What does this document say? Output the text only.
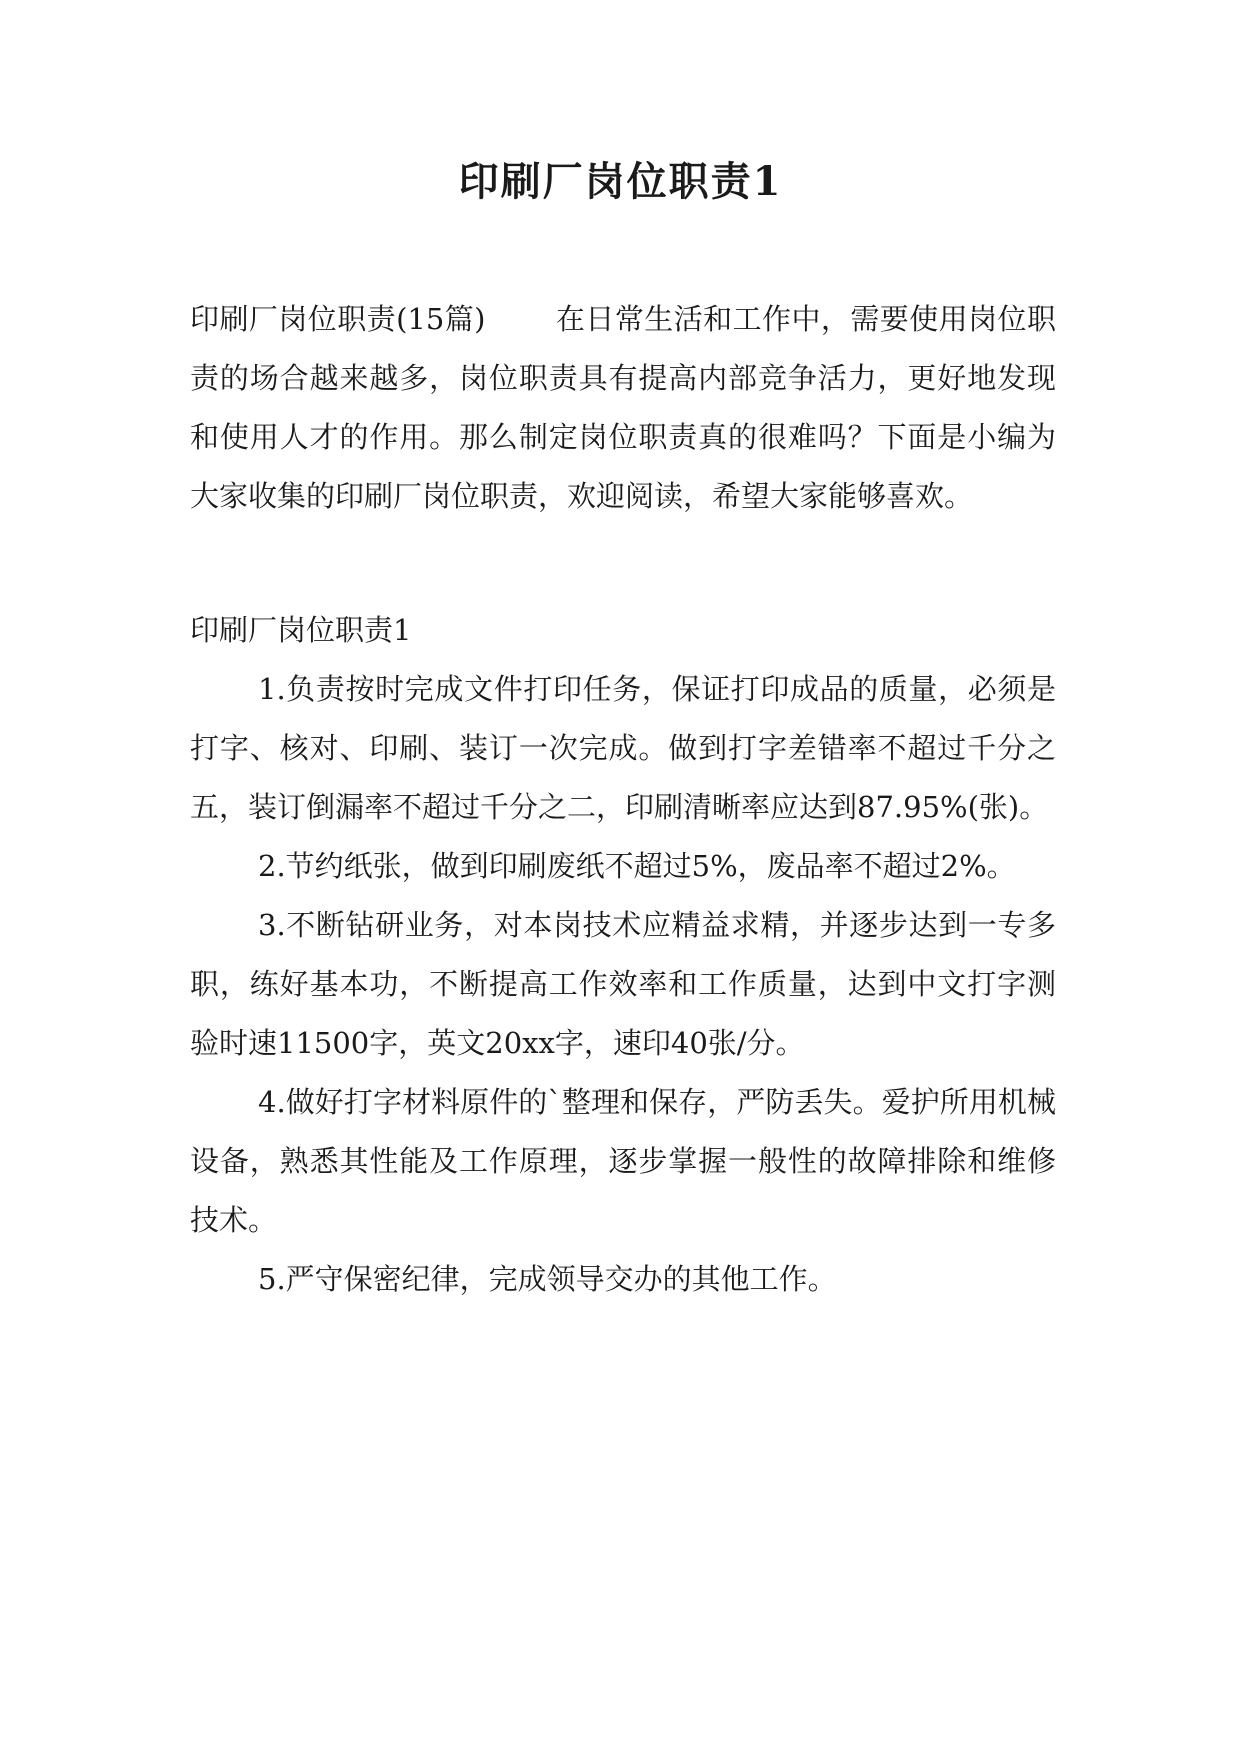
印刷厂岗位职责1

印刷厂岗位职责(15篇) 在日常生活和工作中，需要使用岗位职责的场合越来越多，岗位职责具有提高内部竞争活力，更好地发现和使用人才的作用。那么制定岗位职责真的很难吗？下面是小编为大家收集的印刷厂岗位职责，欢迎阅读，希望大家能够喜欢。

印刷厂岗位职责1

1.负责按时完成文件打印任务，保证打印成品的质量，必须是打字、核对、印刷、装订一次完成。做到打字差错率不超过千分之五，装订倒漏率不超过千分之二，印刷清晰率应达到87.95%(张)。

2.节约纸张，做到印刷废纸不超过5%，废品率不超过2%。

3.不断钻研业务，对本岗技术应精益求精，并逐步达到一专多职，练好基本功，不断提高工作效率和工作质量，达到中文打字测验时速11500字，英文20xx字，速印40张/分。

4.做好打字材料原件的`整理和保存，严防丢失。爱护所用机械设备，熟悉其性能及工作原理，逐步掌握一般性的故障排除和维修技术。

5.严守保密纪律，完成领导交办的其他工作。
